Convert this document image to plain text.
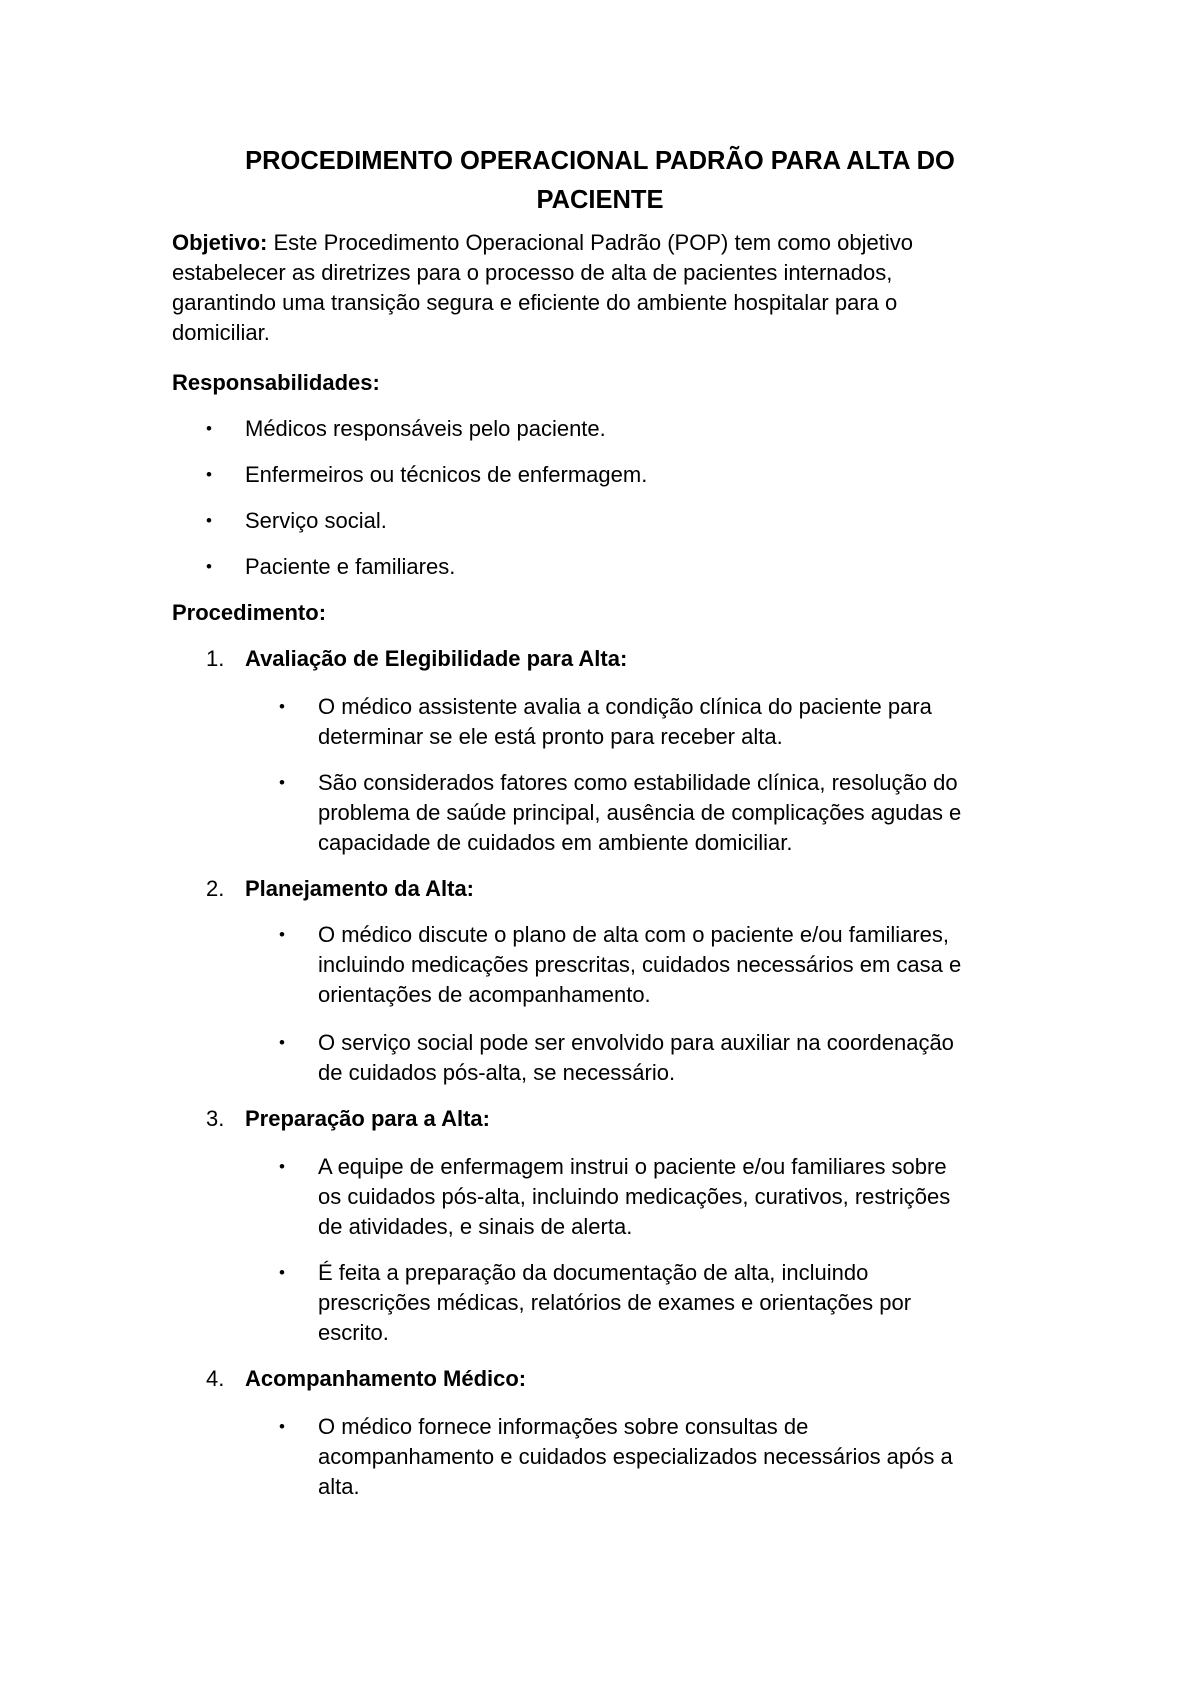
PROCEDIMENTO OPERACIONAL PADRÃO PARA ALTA DO
PACIENTE
Objetivo: Este Procedimento Operacional Padrão (POP) tem como objetivo
estabelecer as diretrizes para o processo de alta de pacientes internados,
garantindo uma transição segura e eficiente do ambiente hospitalar para o
domiciliar.
Responsabilidades:
• Médicos responsáveis pelo paciente.
• Enfermeiros ou técnicos de enfermagem.
• Serviço social.
• Paciente e familiares.
Procedimento:
1. Avaliação de Elegibilidade para Alta:
• O médico assistente avalia a condição clínica do paciente para
determinar se ele está pronto para receber alta.
• São considerados fatores como estabilidade clínica, resolução do
problema de saúde principal, ausência de complicações agudas e
capacidade de cuidados em ambiente domiciliar.
2. Planejamento da Alta:
• O médico discute o plano de alta com o paciente e/ou familiares,
incluindo medicações prescritas, cuidados necessários em casa e
orientações de acompanhamento.
• O serviço social pode ser envolvido para auxiliar na coordenação
de cuidados pós-alta, se necessário.
3. Preparação para a Alta:
• A equipe de enfermagem instrui o paciente e/ou familiares sobre
os cuidados pós-alta, incluindo medicações, curativos, restrições
de atividades, e sinais de alerta.
• É feita a preparação da documentação de alta, incluindo
prescrições médicas, relatórios de exames e orientações por
escrito.
4. Acompanhamento Médico:
• O médico fornece informações sobre consultas de
acompanhamento e cuidados especializados necessários após a
alta.
